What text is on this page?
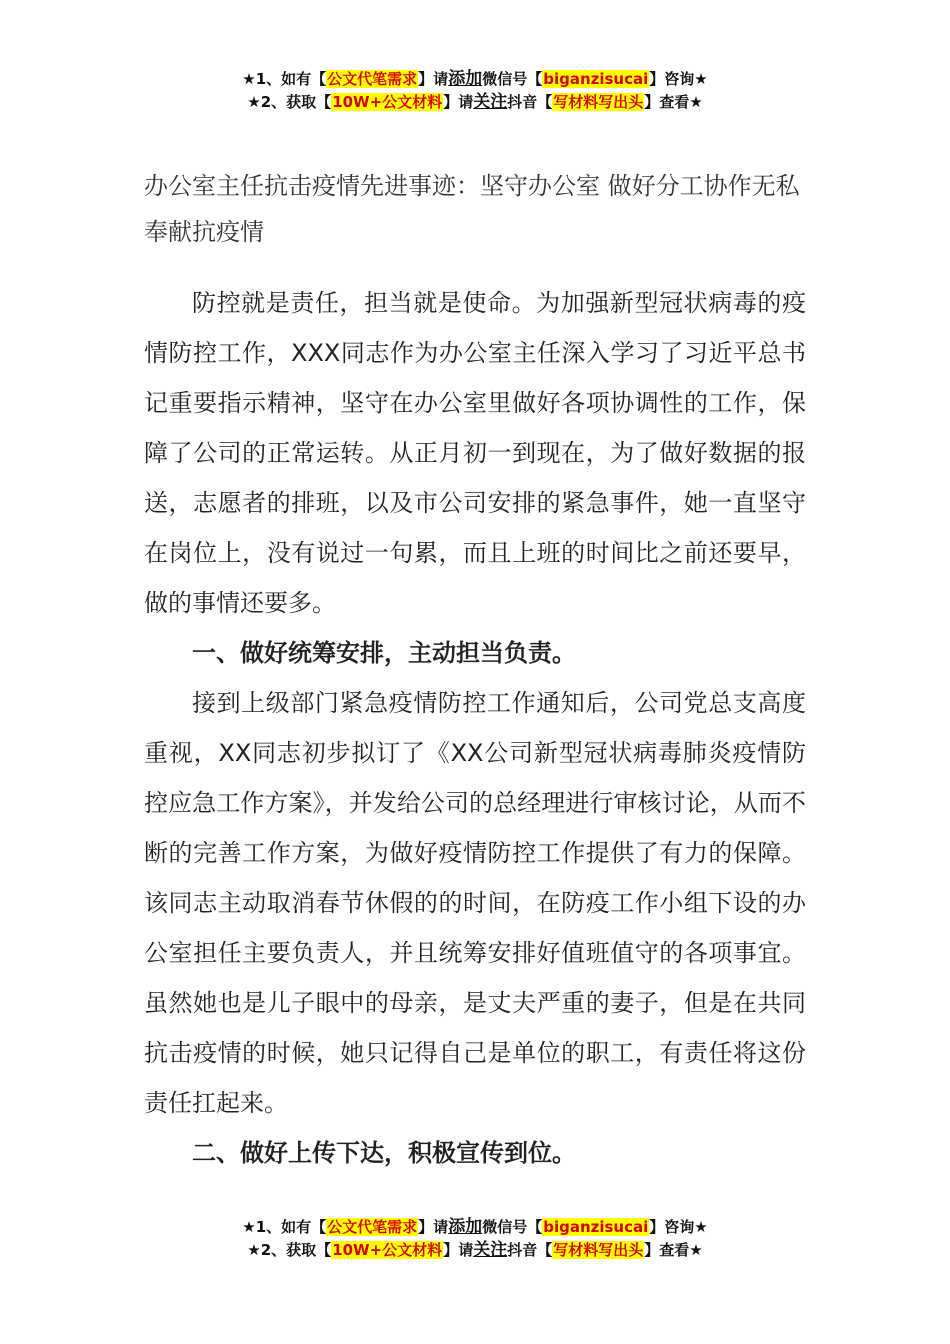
★1、如有【公文代笔需求】请添加微信号【biganzisucai】咨询★
★2、获取【10W+公文材料】请关注抖音【写材料写出头】查看★
办公室主任抗击疫情先进事迹：坚守办公室 做好分工协作无私奉献抗疫情

防控就是责任，担当就是使命。为加强新型冠状病毒的疫情防控工作，XXX同志作为办公室主任深入学习了习近平总书记重要指示精神，坚守在办公室里做好各项协调性的工作，保障了公司的正常运转。从正月初一到现在，为了做好数据的报送，志愿者的排班，以及市公司安排的紧急事件，她一直坚守在岗位上，没有说过一句累，而且上班的时间比之前还要早，做的事情还要多。

一、做好统筹安排，主动担当负责。

接到上级部门紧急疫情防控工作通知后，公司党总支高度重视，XX同志初步拟订了《XX公司新型冠状病毒肺炎疫情防控应急工作方案》，并发给公司的总经理进行审核讨论，从而不断的完善工作方案，为做好疫情防控工作提供了有力的保障。该同志主动取消春节休假的的时间，在防疫工作小组下设的办公室担任主要负责人，并且统筹安排好值班值守的各项事宜。虽然她也是儿子眼中的母亲，是丈夫严重的妻子，但是在共同抗击疫情的时候，她只记得自己是单位的职工，有责任将这份责任扛起来。

二、做好上传下达，积极宣传到位。

★1、如有【公文代笔需求】请添加微信号【biganzisucai】咨询★
★2、获取【10W+公文材料】请关注抖音【写材料写出头】查看★
